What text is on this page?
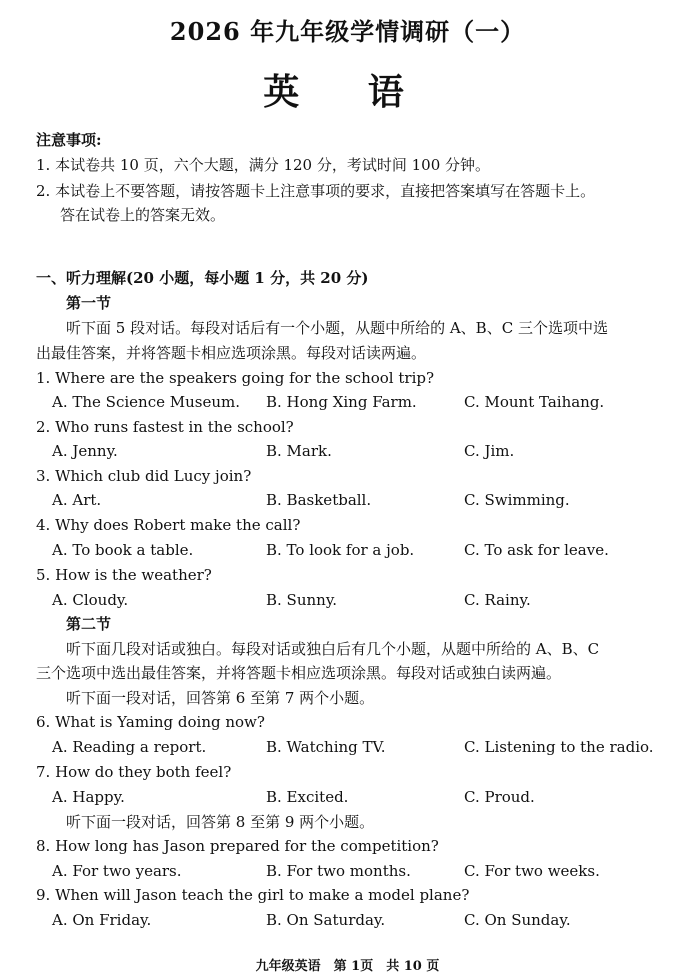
2026 年九年级学情调研（一）
英 语
注意事项:
1. 本试卷共 10 页，六个大题，满分 120 分，考试时间 100 分钟。
2. 本试卷上不要答题，请按答题卡上注意事项的要求，直接把答案填写在答题卡上。
答在试卷上的答案无效。
一、听力理解(20 小题，每小题 1 分，共 20 分)
第一节
听下面 5 段对话。每段对话后有一个小题，从题中所给的 A、B、C 三个选项中选
出最佳答案，并将答题卡相应选项涂黑。每段对话读两遍。
1. Where are the speakers going for the school trip?
A. The Science Museum. B. Hong Xing Farm.	C. Mount Taihang.
2. Who runs fastest in the school?
A. Jenny.	B. Mark.	C. Jim.
3. Which club did Lucy join?
A. Art.	B. Basketball.	C. Swimming.
4. Why does Robert make the call?
A. To book a table.	B. To look for a job.	C. To ask for leave.
5. How is the weather?
A. Cloudy.	B. Sunny.	C. Rainy.
第二节
听下面几段对话或独白。每段对话或独白后有几个小题，从题中所给的 A、B、C
三个选项中选出最佳答案，并将答题卡相应选项涂黑。每段对话或独白读两遍。
听下面一段对话，回答第 6 至第 7 两个小题。
6. What is Yaming doing now?
A. Reading a report.	B. Watching TV.	C. Listening to the radio.
7. How do they both feel?
A. Happy.	B. Excited.	C. Proud.
听下面一段对话，回答第 8 至第 9 两个小题。
8. How long has Jason prepared for the competition?
A. For two years.	B. For two months.	C. For two weeks.
9. When will Jason teach the girl to make a model plane?
A. On Friday.	B. On Saturday.	C. On Sunday.
九年级英语　第 1页　共 10 页
